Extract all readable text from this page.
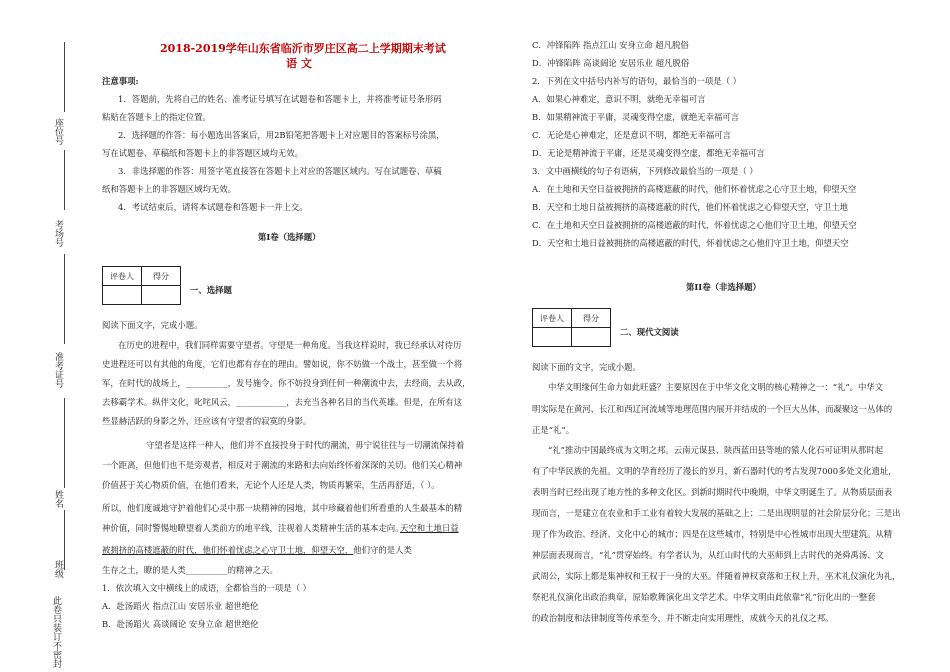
座位号
考场号
准考证号
姓名
班级
此卷只装订不密封
2018-2019学年山东省临沂市罗庄区高二上学期期末考试
语 文
注意事项:
1．答题前，先将自己的姓名、准考证号填写在试题卷和答题卡上，并将准考证号条形码
粘贴在答题卡上的指定位置。
2．选择题的作答：每小题选出答案后，用2B铅笔把答题卡上对应题目的答案标号涂黑，
写在试题卷、草稿纸和答题卡上的非答题区域均无效。
3．非选择题的作答：用签字笔直接答在答题卡上对应的答题区域内。写在试题卷、草稿
纸和答题卡上的非答题区域均无效。
4．考试结束后，请将本试题卷和答题卡一并上交。
第Ⅰ卷（选择题）
评卷人	得分

一、选择题
阅读下面文字，完成小题。
在历史的进程中，我们同样需要守望者。守望是一种角度。当我这样说时，我已经承认对待历
史进程还可以有其他的角度，它们也都有存在的理由。譬如说，你不妨做一个战士，甚至做一个将
军，在时代的战场上，__________，发号施令。你不妨投身到任何一种潮流中去，去经商，去从政，
去移霸学术。纵伴文化，叱咤风云，____________，去充当各种名目的当代英雄。但是，在所有这
些显赫活跃的身影之外，还应该有守望者的寂寞的身影。
守望者是这样一种人，他们并不直接投身于时代的潮流，毋宁说往往与一切潮流保持着
一个距离，但他们也不是旁观者，相反对于潮流的来路和去向始终怀着深深的关切。他们关心精神
价值甚于关心物质价值，在他们看来，无论个人还是人类，物质再繁荣，生活再舒适，（ ）。
所以，他们度诚地守护着他们心灵中那一块精神的园地，其中珍藏着他们所看重的人生最基本的精
神价值，同时警惕地瞭望着人类前方的地平线，注视着人类精神生活的基本走向。
天空和土地日益
被拥挤的高楼遮蔽的时代，他们怀着忧虑之心守卫土地，仰望天空，他们守的是人类
生存之土，瞭的是人类__________的精神之天。
1．依次填入文中横线上的成语，全都恰当的一项是（ ）
A．赴汤蹈火 指点江山 安居乐业 超世绝伦
B．赴汤蹈火 高谈阔论 安身立命 超世绝伦
C．冲锋陷阵 指点江山 安身立命 超凡脱俗
D．冲锋陷阵 高谈阔论 安居乐业 超凡脱俗
2．下列在文中括号内补写的语句，最恰当的一项是（ ）
A．如果心神难定，意识不明，就绝无幸福可言
B．如果精神流于平庸，灵魂变得空虚，就绝无幸福可言
C．无论是心神难定，还是意识不明，都绝无幸福可言
D．无论是精神流于平庸，还是灵魂变得空虚，都绝无幸福可言
3．文中画横线的句子有语病，下列修改最恰当的一项是（ ）
A．在土地和天空日益被拥挤的高楼遮蔽的时代，他们怀着忧虑之心守卫土地，仰望天空
B．天空和土地日益被拥挤的高楼遮蔽的时代，他们怀着忧虑之心仰望天空，守卫土地
C．在土地和天空日益被拥挤的高楼遮蔽的时代，怀着忧虑之心他们守卫土地，仰望天空
D．天空和土地日益被拥挤的高楼遮蔽的时代，怀着忧虑之心他们守卫土地，仰望天空
第II卷（非选择题）
评卷人	得分

二、现代文阅读
阅读下面的文字，完成小题。
中华文明缘何生命力如此旺盛？主要原因在于中华文化文明的核心精神之一：“礼”。中华文
明实际是在黄河、长江和西辽河流域等地理范围内展开并结成的一个巨大丛体，而凝聚这一丛体的
正是“礼”。
“礼”推动中国最终成为文明之邦。云南元谋县、陕西蓝田县等地的猿人化石可证明从那时起
有了中华民族的先祖。文明的孕育经历了漫长的岁月，新石器时代的考古发现7000多处文化遗址，
表明当时已经出现了地方性的多种文化区。到新时期时代中晚期，中华文明诞生了。从物质层面表
现而言，一是建立在农业和手工业有着较大发展的基础之上；二是出现明显的社会阶层分化；三是出
现了作为政治、经济、文化中心的城市；四是在这些城市，特别是中心性城市出现大型建筑。从精
神层面表现而言，“礼”贯穿始终。有学者认为，从红山时代的大巫师到上古时代的尧舜禹汤、文
武周公，实际上都是集神权和王权于一身的大巫。伴随着神权衰落和王权上升，巫术礼仪演化为礼，
祭祀礼仪演化出政治典章，原始歌舞演化出文学艺术。中华文明由此依靠“礼”衍化出的一整套
的政治制度和法律制度等传承至今，并不断走向实用理性，成就今天的礼仪之邦。
